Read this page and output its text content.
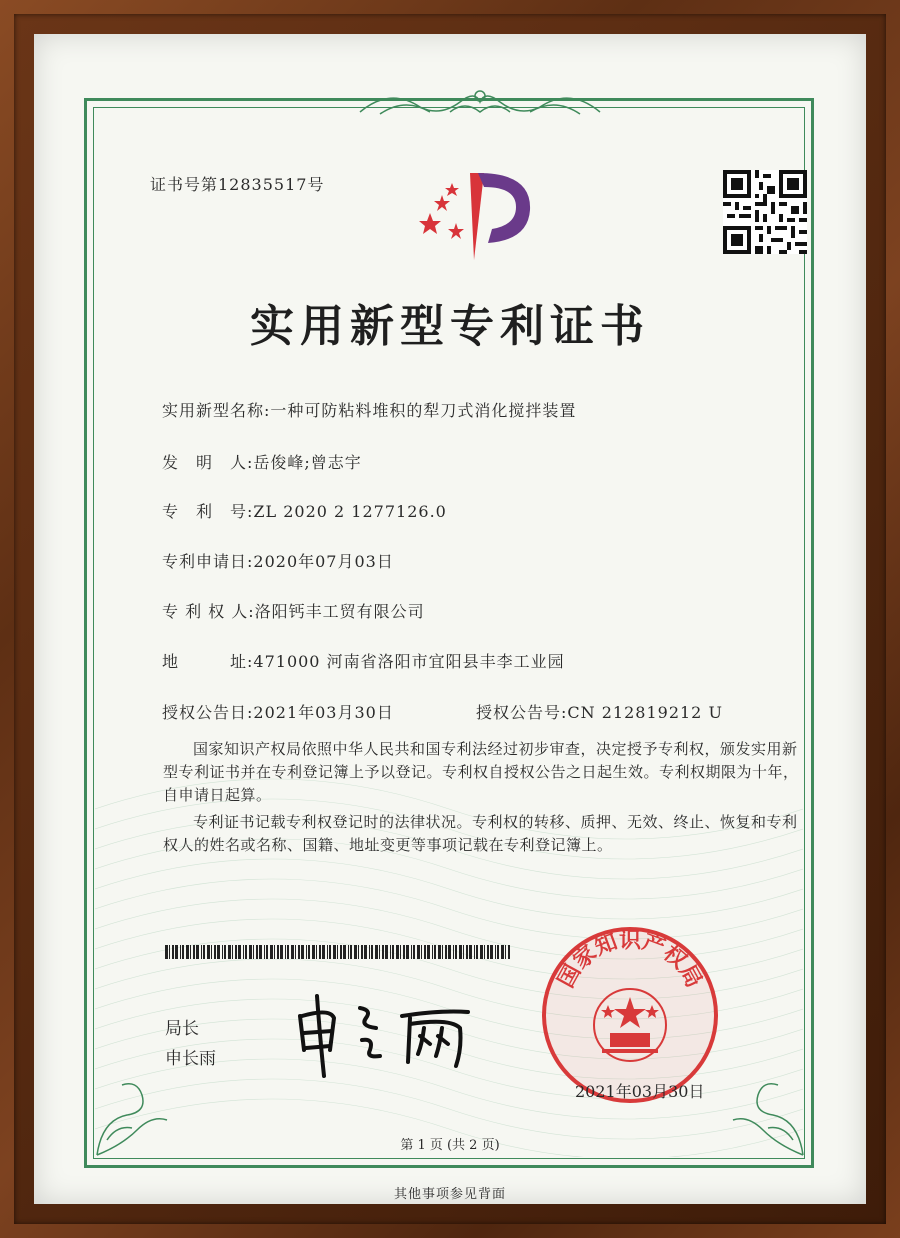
证书号第12835517号
实用新型专利证书
实用新型名称:一种可防粘料堆积的犁刀式消化搅拌装置
发　明　人:岳俊峰;曾志宇
专　利　号:ZL 2020 2 1277126.0
专利申请日:2020年07月03日
专 利 权 人:洛阳钙丰工贸有限公司
地　　　址:471000 河南省洛阳市宜阳县丰李工业园
授权公告日:2021年03月30日	授权公告号:CN 212819212 U
国家知识产权局依照中华人民共和国专利法经过初步审查，决定授予专利权，颁发实用新型专利证书并在专利登记簿上予以登记。专利权自授权公告之日起生效。专利权期限为十年，自申请日起算。
专利证书记载专利权登记时的法律状况。专利权的转移、质押、无效、终止、恢复和专利权人的姓名或名称、国籍、地址变更等事项记载在专利登记簿上。
局长
申长雨
国家知识产权局
2021年03月30日
第 1 页 (共 2 页)
其他事项参见背面
